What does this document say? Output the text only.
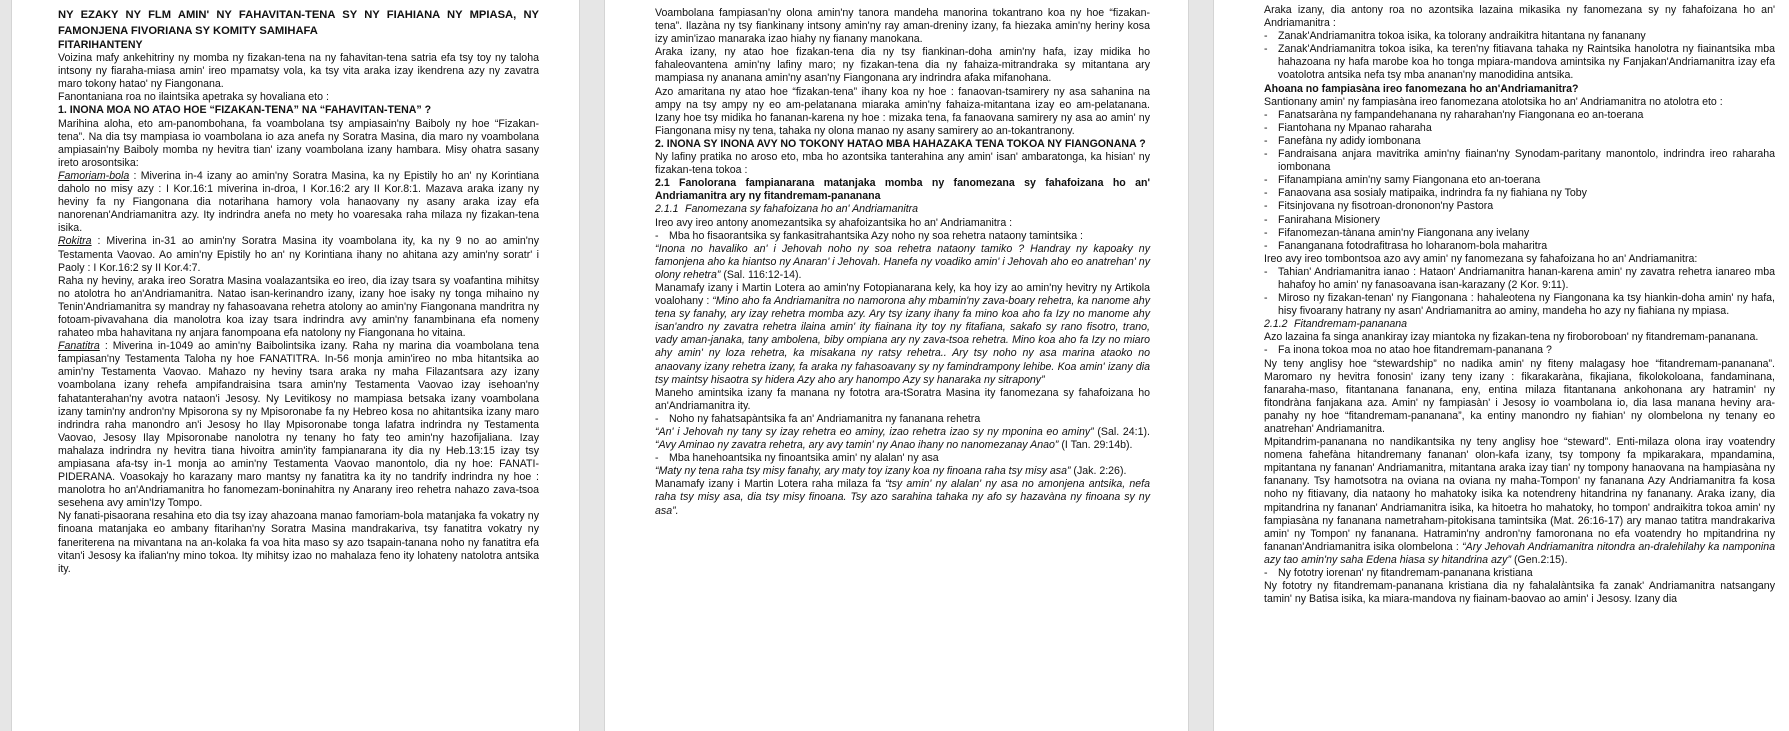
NY EZAKY NY FLM AMIN' NY FAHAVITAN-TENA SY NY FIAHIANA NY MPIASA, NY FAMONJENA FIVORIANA SY KOMITY SAMIHAFA

FITARIHANTENY

Voizina mafy ankehitriny ny momba ny fizakan-tena na ny fahavitan-tena satria efa tsy toy ny taloha intsony ny fiaraha-miasa amin' ireo mpamatsy vola, ka tsy vita araka izay ikendrena azy ny zavatra maro tokony hatao' ny Fiangonana.

Fanontaniana roa no ilaintsika apetraka sy hovaliana eto :

1. INONA MOA NO ATAO HOE “FIZAKAN-TENA” NA “FAHAVITAN-TENA” ?

Marihina aloha, eto am-panombohana, fa voambolana tsy ampiasain'ny Baiboly ny hoe “Fizakan-tena”. Na dia tsy mampiasa io voambolana io aza anefa ny Soratra Masina, dia maro ny voambolana ampiasain'ny Baiboly momba ny hevitra tian' izany voambolana izany hambara. Misy ohatra sasany ireto arosontsika:

Famoriam-bola : Miverina in-4 izany ao amin'ny Soratra Masina, ka ny Epistily ho an' ny Korintiana daholo no misy azy : I Kor.16:1 miverina in-droa, I Kor.16:2 ary II Kor.8:1. Mazava araka izany ny heviny fa ny Fiangonana dia notarihana hamory vola hanaovany ny asany araka izay efa nanorenan'Andriamanitra azy. Ity indrindra anefa no mety ho voaresaka raha milaza ny fizakan-tena isika.

Rokitra : Miverina in-31 ao amin'ny Soratra Masina ity voambolana ity, ka ny 9 no ao amin'ny Testamenta Vaovao. Ao amin'ny Epistily ho an' ny Korintiana ihany no ahitana azy amin'ny soratr' i Paoly : I Kor.16:2 sy II Kor.4:7.

Raha ny heviny, araka ireo Soratra Masina voalazantsika eo ireo, dia izay tsara sy voafantina mihitsy no atolotra ho an'Andriamanitra. Natao isan-kerinandro izany, izany hoe isaky ny tonga mihaino ny Tenin'Andriamanitra sy mandray ny fahasoavana rehetra atolony ao amin'ny Fiangonana mandritra ny fotoam-pivavahana dia manolotra koa izay tsara indrindra avy amin'ny fanambinana efa nomeny rahateo mba hahavitana ny anjara fanompoana efa natolony ny Fiangonana ho vitaina.

Fanatitra : Miverina in-1049 ao amin'ny Baibolintsika izany. Raha ny marina dia voambolana tena fampiasan'ny Testamenta Taloha ny hoe FANATITRA. In-56 monja amin'ireo no mba hitantsika ao amin'ny Testamenta Vaovao. Mahazo ny heviny tsara araka ny maha Filazantsara azy izany voambolana izany rehefa ampifandraisina tsara amin'ny Testamenta Vaovao izay isehoan'ny fahatanterahan'ny avotra nataon'i Jesosy. Ny Levitikosy no mampiasa betsaka izany voambolana izany tamin'ny andron'ny Mpisorona sy ny Mpisoronabe fa ny Hebreo kosa no ahitantsika izany maro indrindra raha manondro an'i Jesosy ho Ilay Mpisoronabe tonga lafatra indrindra ny Testamenta Vaovao, Jesosy Ilay Mpisoronabe nanolotra ny tenany ho faty teo amin'ny hazofijaliana. Izay mahalaza indrindra ny hevitra tiana hivoitra amin'ity fampianarana ity dia ny Heb.13:15 izay tsy ampiasana afa-tsy in-1 monja ao amin'ny Testamenta Vaovao manontolo, dia ny hoe: FANATI-PIDERANA. Voasokajy ho karazany maro mantsy ny fanatitra ka ity no tandrify indrindra ny hoe : manolotra ho an'Andriamanitra ho fanomezam-boninahitra ny Anarany ireo rehetra nahazo zava-tsoa sesehena avy amin'Izy Tompo.

Ny fanati-pisaorana resahina eto dia tsy izay ahazoana manao famoriam-bola matanjaka fa vokatry ny finoana matanjaka eo ambany fitarihan'ny Soratra Masina mandrakariva, tsy fanatitra vokatry ny faneriterena na mivantana na an-kolaka fa voa hita maso sy azo tsapain-tanana noho ny fanatitra efa vitan'i Jesosy ka ifalian'ny mino tokoa. Ity mihitsy izao no mahalaza feno ity lohateny natolotra antsika ity.

Voambolana fampiasan'ny olona amin'ny tanora mandeha manorina tokantrano koa ny hoe “fizakan-tena”. Ilazàna ny tsy fiankinany intsony amin'ny ray aman-dreniny izany, fa hiezaka amin'ny heriny kosa izy amin'izao manaraka izao hiahy ny fianany manokana.

Araka izany, ny atao hoe fizakan-tena dia ny tsy fiankinan-doha amin'ny hafa, izay midika ho fahaleovantena amin'ny lafiny maro; ny fizakan-tena dia ny fahaiza-mitrandraka sy mitantana ary mampiasa ny ananana amin'ny asan'ny Fiangonana ary indrindra afaka mifanohana.

Azo amaritana ny atao hoe “fizakan-tena” ihany koa ny hoe : fanaovan-tsamirery ny asa sahanina na ampy na tsy ampy ny eo am-pelatanana miaraka amin'ny fahaiza-mitantana izay eo am-pelatanana. Izany hoe tsy midika ho fananan-karena ny hoe : mizaka tena, fa fanaovana samirery ny asa ao amin' ny Fiangonana misy ny tena, tahaka ny olona manao ny asany samirery ao an-tokantranony.

2. INONA SY INONA AVY NO TOKONY HATAO MBA HAHAZAKA TENA TOKOA NY FIANGONANA ?

Ny lafiny pratika no aroso eto, mba ho azontsika tanterahina any amin' isan' ambaratonga, ka hisian' ny fizakan-tena tokoa :

2.1 Fanolorana fampianarana matanjaka momba ny fanomezana sy fahafoizana ho an' Andriamanitra ary ny fitandremam-pananana

2.1.1 Fanomezana sy fahafoizana ho an' Andriamanitra

Ireo avy ireo antony anomezantsika sy ahafoizantsika ho an' Andriamanitra :

- Mba ho fisaorantsika sy fankasitrahantsika Azy noho ny soa rehetra nataony tamintsika :

“Inona no havaliko an' i Jehovah noho ny soa rehetra nataony tamiko ? Handray ny kapoaky ny famonjena aho ka hiantso ny Anaran' i Jehovah. Hanefa ny voadiko amin' i Jehovah aho eo anatrehan' ny olony rehetra” (Sal. 116:12-14).

Manamafy izany i Martin Lotera ao amin'ny Fotopianarana kely, ka hoy izy ao amin'ny hevitry ny Artikola voalohany : “Mino aho fa Andriamanitra no namorona ahy mbamin'ny zava-boary rehetra, ka nanome ahy tena sy fanahy, ary izay rehetra momba azy. Ary tsy izany ihany fa mino koa aho fa Izy no manome ahy isan'andro ny zavatra rehetra ilaina amin' ity fiainana ity toy ny fitafiana, sakafo sy rano fisotro, trano, vady aman-janaka, tany ambolena, biby ompiana ary ny zava-tsoa rehetra. Mino koa aho fa Izy no miaro ahy amin' ny loza rehetra, ka misakana ny ratsy rehetra.. Ary tsy noho ny asa marina ataoko no anaovany izany rehetra izany, fa araka ny fahasoavany sy ny famindrampony lehibe. Koa amin' izany dia tsy maintsy hisaotra sy hidera Azy aho ary hanompo Azy sy hanaraka ny sitrapony”

Maneho amintsika izany fa manana ny fototra ara-tSoratra Masina ity fanomezana sy fahafoizana ho an'Andriamanitra ity.

- Noho ny fahatsapàntsika fa an' Andriamanitra ny fananana rehetra

“An' i Jehovah ny tany sy izay rehetra eo aminy, izao rehetra izao sy ny mponina eo aminy” (Sal. 24:1). “Avy Aminao ny zavatra rehetra, ary avy tamin' ny Anao ihany no nanomezanay Anao” (I Tan. 29:14b).

- Mba hanehoantsika ny finoantsika amin' ny alalan' ny asa

“Maty ny tena raha tsy misy fanahy, ary maty toy izany koa ny finoana raha tsy misy asa” (Jak. 2:26).

Manamafy izany i Martin Lotera raha milaza fa “tsy amin' ny alalan' ny asa no amonjena antsika, nefa raha tsy misy asa, dia tsy misy finoana. Tsy azo sarahina tahaka ny afo sy hazavàna ny finoana sy ny asa”.

Araka izany, dia antony roa no azontsika lazaina mikasika ny fanomezana sy ny fahafoizana ho an' Andriamanitra :

- Zanak'Andriamanitra tokoa isika, ka tolorany andraikitra hitantana ny fananany

- Zanak'Andriamanitra tokoa isika, ka teren'ny fitiavana tahaka ny Raintsika hanolotra ny fiainantsika mba hahazoana ny hafa marobe koa ho tonga mpiara-mandova amintsika ny Fanjakan'Andriamanitra izay efa voatolotra antsika nefa tsy mba ananan'ny manodidina antsika.

Ahoana no fampiasàna ireo fanomezana ho an'Andriamanitra?

Santionany amin' ny fampiasàna ireo fanomezana atolotsika ho an' Andriamanitra no atolotra eto :

- Fanatsaràna ny fampandehanana ny raharahan'ny Fiangonana eo an-toerana

- Fiantohana ny Mpanao raharaha

- Fanefàna ny adidy iombonana

- Fandraisana anjara mavitrika amin'ny fiainan'ny Synodam-paritany manontolo, indrindra ireo raharaha iombonana

- Fifanampiana amin'ny samy Fiangonana eto an-toerana

- Fanaovana asa sosialy matipaika, indrindra fa ny fiahiana ny Toby

- Fitsinjovana ny fisotroan-drononon'ny Pastora

- Fanirahana Misionery

- Fifanomezan-tànana amin'ny Fiangonana any ivelany

- Fananganana fotodrafitrasa ho loharanom-bola maharitra

Ireo avy ireo tombontsoa azo avy amin' ny fanomezana sy fahafoizana ho an' Andriamanitra:

- Tahian' Andriamanitra ianao : Hataon' Andriamanitra hanan-karena amin' ny zavatra rehetra ianareo mba hahafoy ho amin' ny fanasoavana isan-karazany (2 Kor. 9:11).

- Miroso ny fizakan-tenan' ny Fiangonana : hahaleotena ny Fiangonana ka tsy hiankin-doha amin' ny hafa, hisy fivoarany hatrany ny asan' Andriamanitra ao aminy, mandeha ho azy ny fiahiana ny mpiasa.

2.1.2 Fitandremam-pananana

Azo lazaina fa singa anankiray izay miantoka ny fizakan-tena ny firoboroboan' ny fitandremam-pananana.

- Fa inona tokoa moa no atao hoe fitandremam-pananana ?

Ny teny anglisy hoe “stewardship” no nadika amin' ny fiteny malagasy hoe “fitandremam-pananana”. Maromaro ny hevitra fonosin' izany teny izany : fikarakaràna, fikajiana, fikolokoloana, fandaminana, fanaraha-maso, fitantanana fananana, eny, entina milaza fitantanana ankohonana ary hatramin' ny fitondràna fanjakana aza. Amin' ny fampiasàn' i Jesosy io voambolana io, dia lasa manana heviny ara-panahy ny hoe “fitandremam-pananana”, ka entiny manondro ny fiahian' ny olombelona ny tenany eo anatrehan' Andriamanitra.

Mpitandrim-pananana no nandikantsika ny teny anglisy hoe “steward”. Enti-milaza olona iray voatendry nomena fahefàna hitandremany fananan' olon-kafa izany, tsy tompony fa mpikarakara, mpandamina, mpitantana ny fananan' Andriamanitra, mitantana araka izay tian' ny tompony hanaovana na hampiasàna ny fananany. Tsy hamotsotra na oviana na oviana ny maha-Tompon' ny fananana Azy Andriamanitra fa kosa noho ny fitiavany, dia nataony ho mahatoky isika ka notendreny hitandrina ny fananany. Araka izany, dia mpitandrina ny fananan' Andriamanitra isika, ka hitoetra ho mahatoky, ho tompon' andraikitra tokoa amin' ny fampiasàna ny fananana nametraham-pitokisana tamintsika (Mat. 26:16-17) ary manao tatitra mandrakariva amin' ny Tompon' ny fananana. Hatramin'ny andron'ny famoronana no efa voatendry ho mpitandrina ny fananan'Andriamanitra isika olombelona : “Ary Jehovah Andriamanitra nitondra an-dralehilahy ka namponina azy tao amin'ny saha Edena hiasa sy hitandrina azy” (Gen.2:15).

- Ny fototry iorenan' ny fitandremam-pananana kristiana

Ny fototry ny fitandremam-pananana kristiana dia ny fahalalàntsika fa zanak' Andriamanitra natsangany tamin' ny Batisa isika, ka miara-mandova ny fiainam-baovao ao amin' i Jesosy. Izany dia
